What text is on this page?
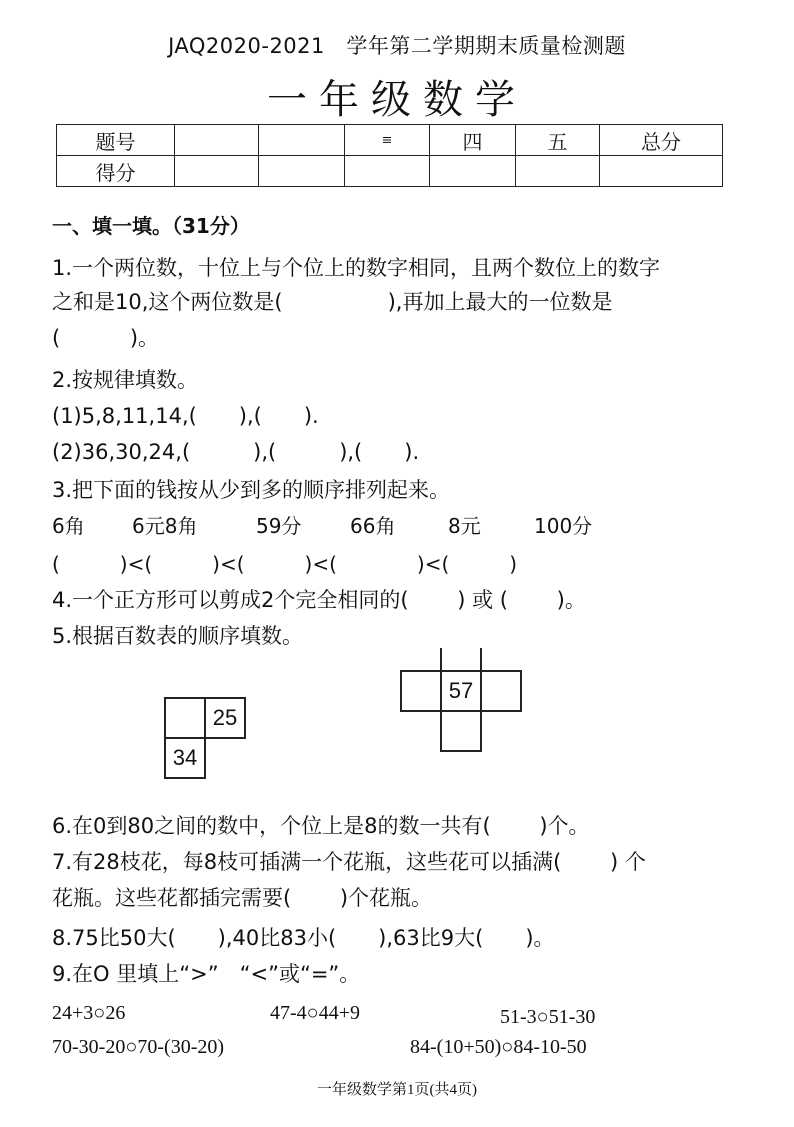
JAQ2020-2021　学年第二学期期末质量检测题
一年级数学
题号			≡	四	五	总分
得分						
一、填一填。（31分）
1.一个两位数，十位上与个位上的数字相同，且两个数位上的数字
之和是10,这个两位数是(　　　　　),再加上最大的一位数是
(　　　 )。
2.按规律填数。
(1)5,8,11,14,(　　),(　　).
(2)36,30,24,(　　　),(　　　),(　　).
3.把下面的钱按从少到多的顺序排列起来。
6角 6元8角	59分 66角	8元	100分
(　　　)<(　　　)<(　　　)<(　　　　)<(　　　)
4.一个正方形可以剪成2个完全相同的(　　 ) 或 (　　 )。
5.根据百数表的顺序填数。
25
34
57
6.在0到80之间的数中，个位上是8的数一共有(　　 )个。
7.有28枝花，每8枝可插满一个花瓶，这些花可以插满(　　 ) 个
花瓶。这些花都插完需要(　　 )个花瓶。
8.75比50大(　　),40比83小(　　),63比9大(　　)。
9.在O 里填上“>”　“<”或“=”。
24+3○26	47-4○44+9	51-3○51-30
70-30-20○70-(30-20)	84-(10+50)○84-10-50
一年级数学第1页(共4页)
